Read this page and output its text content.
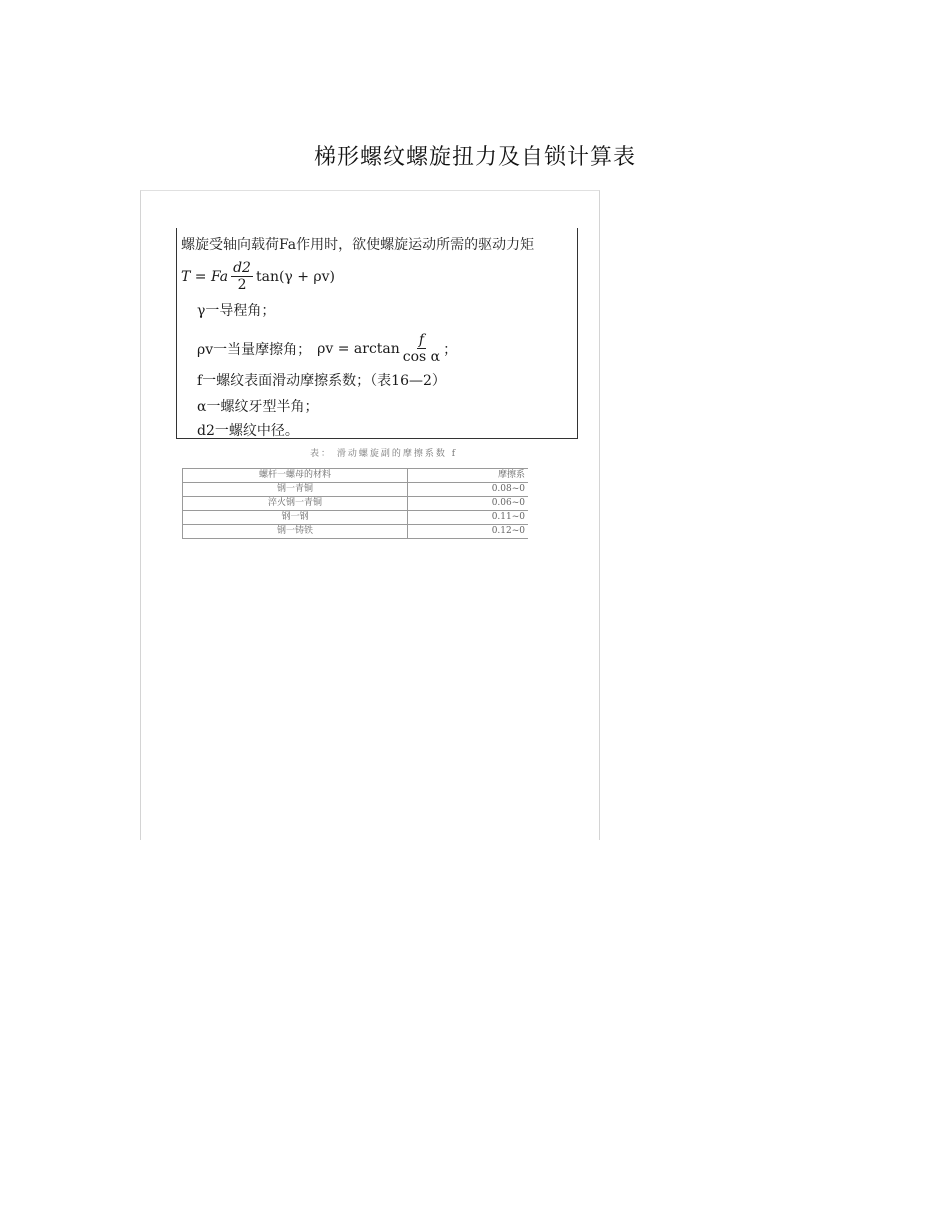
梯形螺纹螺旋扭力及自锁计算表
螺旋受轴向载荷Fa作用时，欲使螺旋运动所需的驱动力矩
T = Fa $\frac{d2}{2} \tan(\gamma + \rho v)$
γ一导程角；
ρv一当量摩擦角； $\rho v = \arctan \frac{f}{\text{cos α}}$ ；
f一螺纹表面滑动摩擦系数；（表16—2）
α一螺纹牙型半角；
d2一螺纹中径。
表： 滑动螺旋副的摩擦系数 f
螺杆一螺母的材料	摩擦系
钢一青铜	0.08~0
淬火钢一青铜	0.06~0
钢一钢	0.11~0
钢一铸铁	0.12~0
